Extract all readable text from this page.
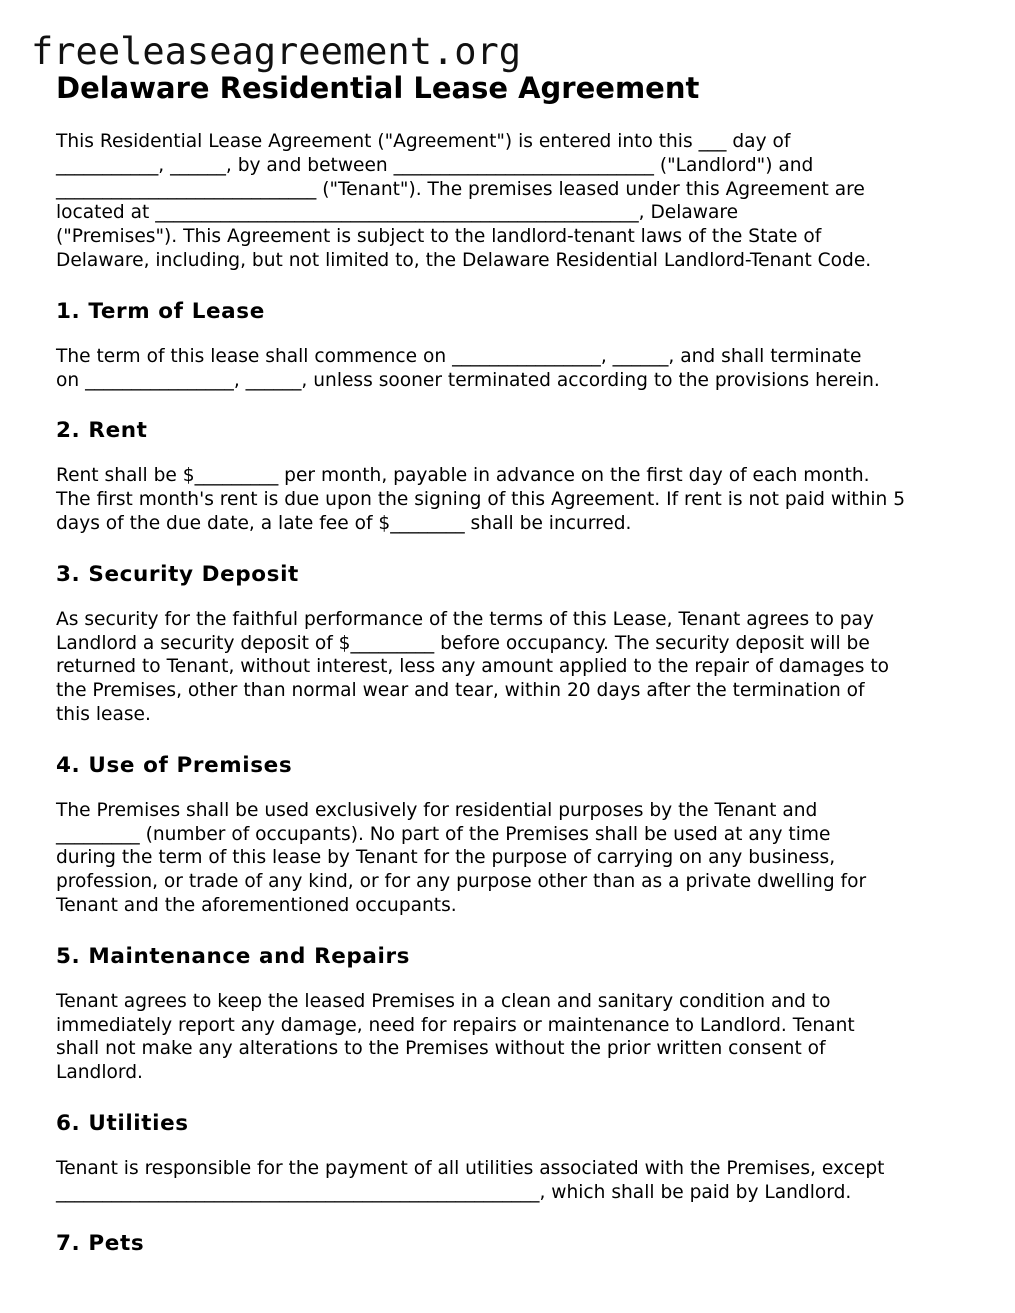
freeleaseagreement.org
Delaware Residential Lease Agreement

This Residential Lease Agreement ("Agreement") is entered into this ___ day of
___________, ______, by and between ____________________________ ("Landlord") and
____________________________ ("Tenant"). The premises leased under this Agreement are
located at ____________________________________________________, Delaware
("Premises"). This Agreement is subject to the landlord-tenant laws of the State of
Delaware, including, but not limited to, the Delaware Residential Landlord-Tenant Code.

1. Term of Lease

The term of this lease shall commence on ________________, ______, and shall terminate
on ________________, ______, unless sooner terminated according to the provisions herein.

2. Rent

Rent shall be $_________ per month, payable in advance on the first day of each month.
The first month's rent is due upon the signing of this Agreement. If rent is not paid within 5
days of the due date, a late fee of $________ shall be incurred.

3. Security Deposit

As security for the faithful performance of the terms of this Lease, Tenant agrees to pay
Landlord a security deposit of $_________ before occupancy. The security deposit will be
returned to Tenant, without interest, less any amount applied to the repair of damages to
the Premises, other than normal wear and tear, within 20 days after the termination of
this lease.

4. Use of Premises

The Premises shall be used exclusively for residential purposes by the Tenant and
_________ (number of occupants). No part of the Premises shall be used at any time
during the term of this lease by Tenant for the purpose of carrying on any business,
profession, or trade of any kind, or for any purpose other than as a private dwelling for
Tenant and the aforementioned occupants.

5. Maintenance and Repairs

Tenant agrees to keep the leased Premises in a clean and sanitary condition and to
immediately report any damage, need for repairs or maintenance to Landlord. Tenant
shall not make any alterations to the Premises without the prior written consent of
Landlord.

6. Utilities

Tenant is responsible for the payment of all utilities associated with the Premises, except
____________________________________________________, which shall be paid by Landlord.

7. Pets
